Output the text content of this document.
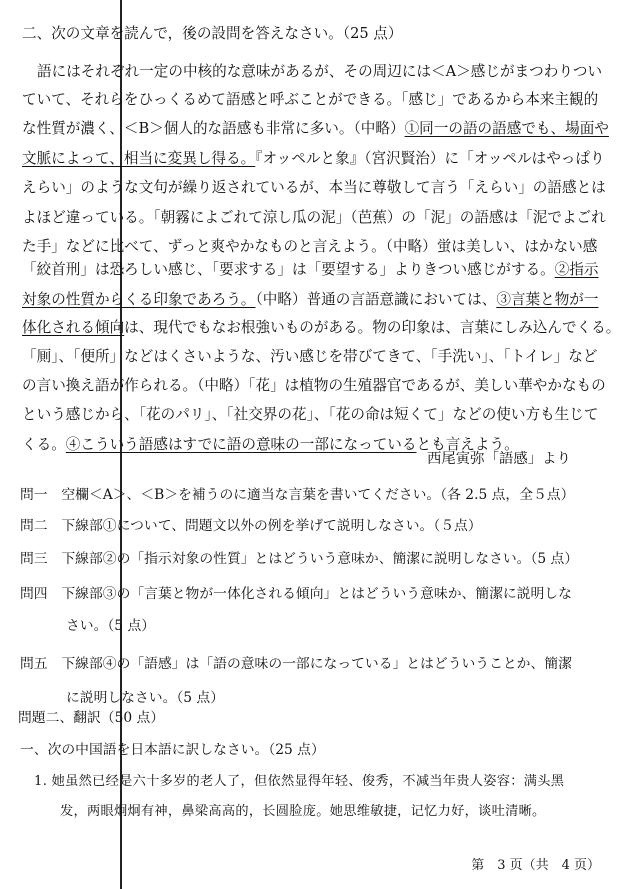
二、次の文章を読んで，後の設問を答えなさい。（25 点）
語にはそれぞれ一定の中核的な意味があるが、その周辺には＜A＞感じがまつわりつい
ていて、それらをひっくるめて語感と呼ぶことができる。「感じ」であるから本来主観的
な性質が濃く、＜B＞個人的な語感も非常に多い。（中略）①同一の語の語感でも、場面や
文脈によって、相当に変異し得る。『オッペルと象』（宮沢賢治）に「オッペルはやっぱり
えらい」のような文句が繰り返されているが、本当に尊敬して言う「えらい」の語感とは
よほど違っている。「朝霧によごれて涼し瓜の泥」（芭蕉）の「泥」の語感は「泥でよごれ
た手」などに比べて、ずっと爽やかなものと言えよう。（中略）蛍は美しい、はかない感
「絞首刑」は恐ろしい感じ、「要求する」は「要望する」よりきつい感じがする。②指示
対象の性質からくる印象であろう。（中略）普通の言語意識においては、③言葉と物が一
体化される傾向は、現代でもなお根強いものがある。物の印象は、言葉にしみ込んでくる。
「厠」、「便所」などはくさいような、汚い感じを帯びてきて、「手洗い」、「トイレ」など
の言い換え語が作られる。（中略）「花」は植物の生殖器官であるが、美しい華やかなもの
という感じから、「花のパリ」、「社交界の花」、「花の命は短くて」などの使い方も生じて
くる。④こういう語感はすでに語の意味の一部になっているとも言えよう。
西尾寅弥「語感」より
問一　空欄＜A＞、＜B＞を補うのに適当な言葉を書いてください。（各 2.5 点，全５点）
問二　下線部①について、問題文以外の例を挙げて説明しなさい。（５点）
問三　下線部②の「指示対象の性質」とはどういう意味か、簡潔に説明しなさい。（5 点）
問四　下線部③の「言葉と物が一体化される傾向」とはどういう意味か、簡潔に説明しな
さい。（5 点）
問五　下線部④の「語感」は「語の意味の一部になっている」とはどういうことか、簡潔
に説明しなさい。（5 点）
問題二、翻訳（50 点）
一、次の中国語を日本語に訳しなさい。（25 点）
1. 她虽然已经是六十多岁的老人了，但依然显得年轻、俊秀，不减当年贵人姿容：满头黑
发，两眼炯炯有神，鼻梁高高的，长圆脸庞。她思维敏捷，记忆力好，谈吐清晰。
第　3 页（共　4 页）
